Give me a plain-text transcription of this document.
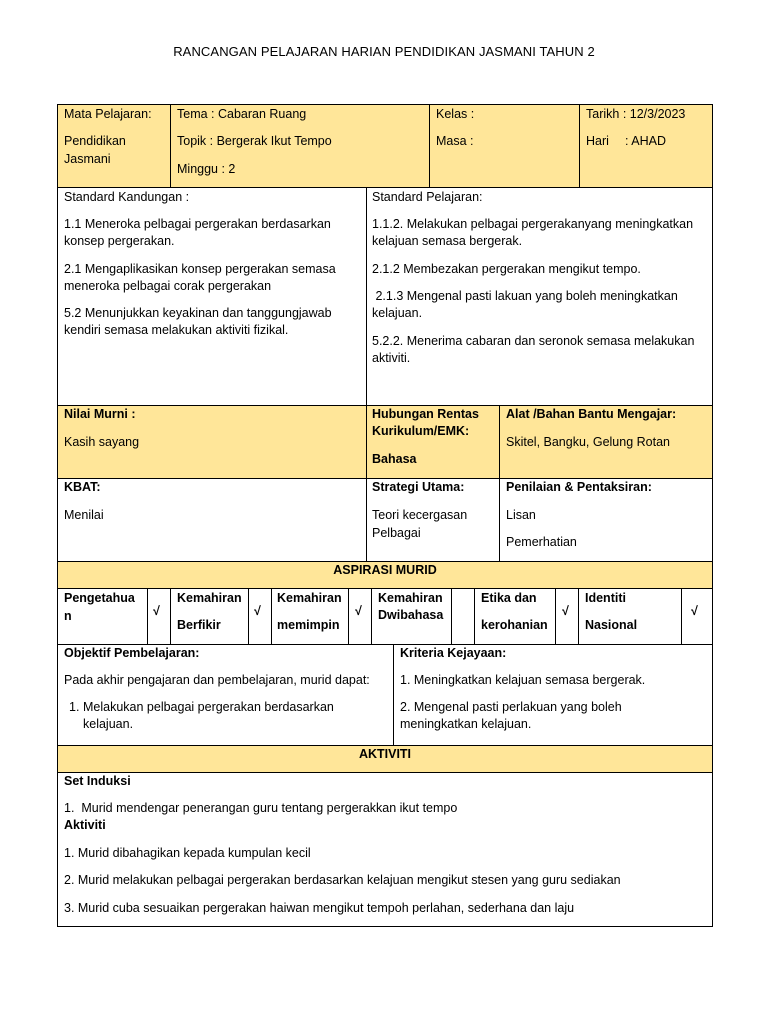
RANCANGAN PELAJARAN HARIAN PENDIDIKAN JASMANI TAHUN 2
Mata Pelajaran:
Pendidikan
Jasmani
Tema : Cabaran Ruang
Topik : Bergerak Ikut Tempo
Minggu : 2
Kelas :
Masa :
Tarikh : 12/3/2023
Hari : AHAD
Standard Kandungan :
1.1 Meneroka pelbagai pergerakan berdasarkan konsep pergerakan.
2.1 Mengaplikasikan konsep pergerakan semasa meneroka pelbagai corak pergerakan
5.2 Menunjukkan keyakinan dan tanggungjawab kendiri semasa melakukan aktiviti fizikal.
Standard Pelajaran:
1.1.2. Melakukan pelbagai pergerakanyang meningkatkan kelajuan semasa bergerak.
2.1.2 Membezakan pergerakan mengikut tempo.
2.1.3 Mengenal pasti lakuan yang boleh meningkatkan kelajuan.
5.2.2. Menerima cabaran dan seronok semasa melakukan aktiviti.
Nilai Murni :
Kasih sayang
Hubungan Rentas
Kurikulum/EMK:
Bahasa
Alat /Bahan Bantu Mengajar:
Skitel, Bangku, Gelung Rotan
KBAT:
Menilai
Strategi Utama:
Teori kecergasan
Pelbagai
Penilaian & Pentaksiran:
Lisan
Pemerhatian
ASPIRASI MURID
Pengetahua
n	√
Kemahiran
Berfikir
√
Kemahiran
memimpin
√
Kemahiran
Dwibahasa
Etika dan
kerohanian
√
Identiti
Nasional
√
Objektif Pembelajaran:
Pada akhir pengajaran dan pembelajaran, murid dapat:
1. Melakukan pelbagai pergerakan berdasarkan kelajuan.
Kriteria Kejayaan:
1. Meningkatkan kelajuan semasa bergerak.
2. Mengenal pasti perlakuan yang boleh meningkatkan kelajuan.
AKTIVITI
Set Induksi
1.  Murid mendengar penerangan guru tentang pergerakkan ikut tempo
Aktiviti
1. Murid dibahagikan kepada kumpulan kecil
2. Murid melakukan pelbagai pergerakan berdasarkan kelajuan mengikut stesen yang guru sediakan
3. Murid cuba sesuaikan pergerakan haiwan mengikut tempoh perlahan, sederhana dan laju
